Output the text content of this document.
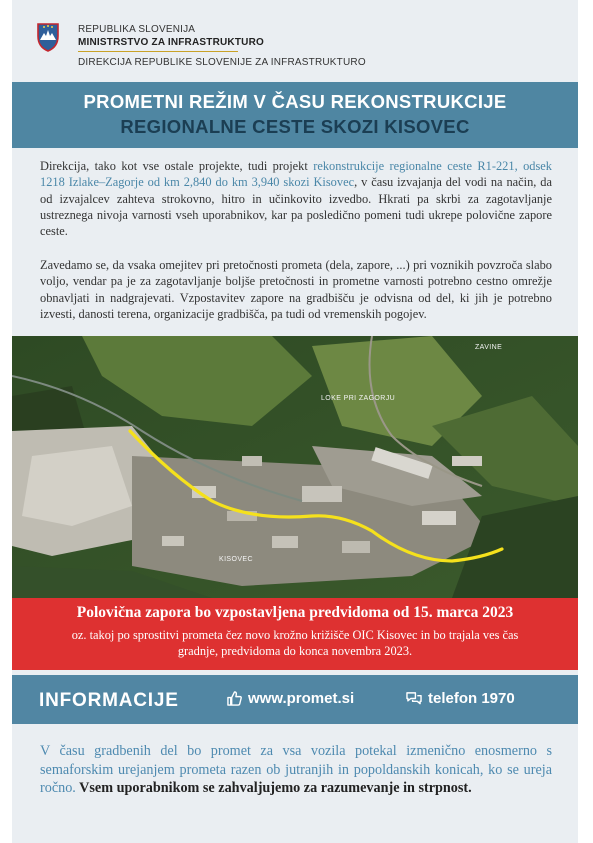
REPUBLIKA SLOVENIJA
MINISTRSTVO ZA INFRASTRUKTURO
DIREKCIJA REPUBLIKE SLOVENIJE ZA INFRASTRUKTURO
PROMETNI REŽIM V ČASU REKONSTRUKCIJE
REGIONALNE CESTE SKOZI KISOVEC
Direkcija, tako kot vse ostale projekte, tudi projekt rekonstrukcije regionalne ceste R1-221, odsek 1218 Izlake–Zagorje od km 2,840 do km 3,940 skozi Kisovec, v času izvajanja del vodi na način, da od izvajalcev zahteva strokovno, hitro in učinkovito izvedbo. Hkrati pa skrbi za zagotavljanje ustreznega nivoja varnosti vseh uporabnikov, kar pa posledično pomeni tudi ukrepe polovične zapore ceste.
Zavedamo se, da vsaka omejitev pri pretočnosti prometa (dela, zapore, ...) pri voznikih povzroča slabo voljo, vendar pa je za zagotavljanje boljše pretočnosti in prometne varnosti potrebno cestno omrežje obnavljati in nadgrajevati. Vzpostavitev zapore na gradbišču je odvisna od del, ki jih je potrebno izvesti, danosti terena, organizacije gradbišča, pa tudi od vremenskih pogojev.
ZAVINE
LOKE PRI ZAGORJU
KISOVEC
Polovična zapora bo vzpostavljena predvidoma od 15. marca 2023
oz. takoj po sprostitvi prometa čez novo krožno križišče OIC Kisovec in bo trajala ves čas gradnje, predvidoma do konca novembra 2023.
INFORMACIJE	www.promet.si	telefon 1970
V času gradbenih del bo promet za vsa vozila potekal izmenično enosmerno s semaforskim urejanjem prometa razen ob jutranjih in popoldanskih konicah, ko se ureja ročno. Vsem uporabnikom se zahvaljujemo za razumevanje in strpnost.
